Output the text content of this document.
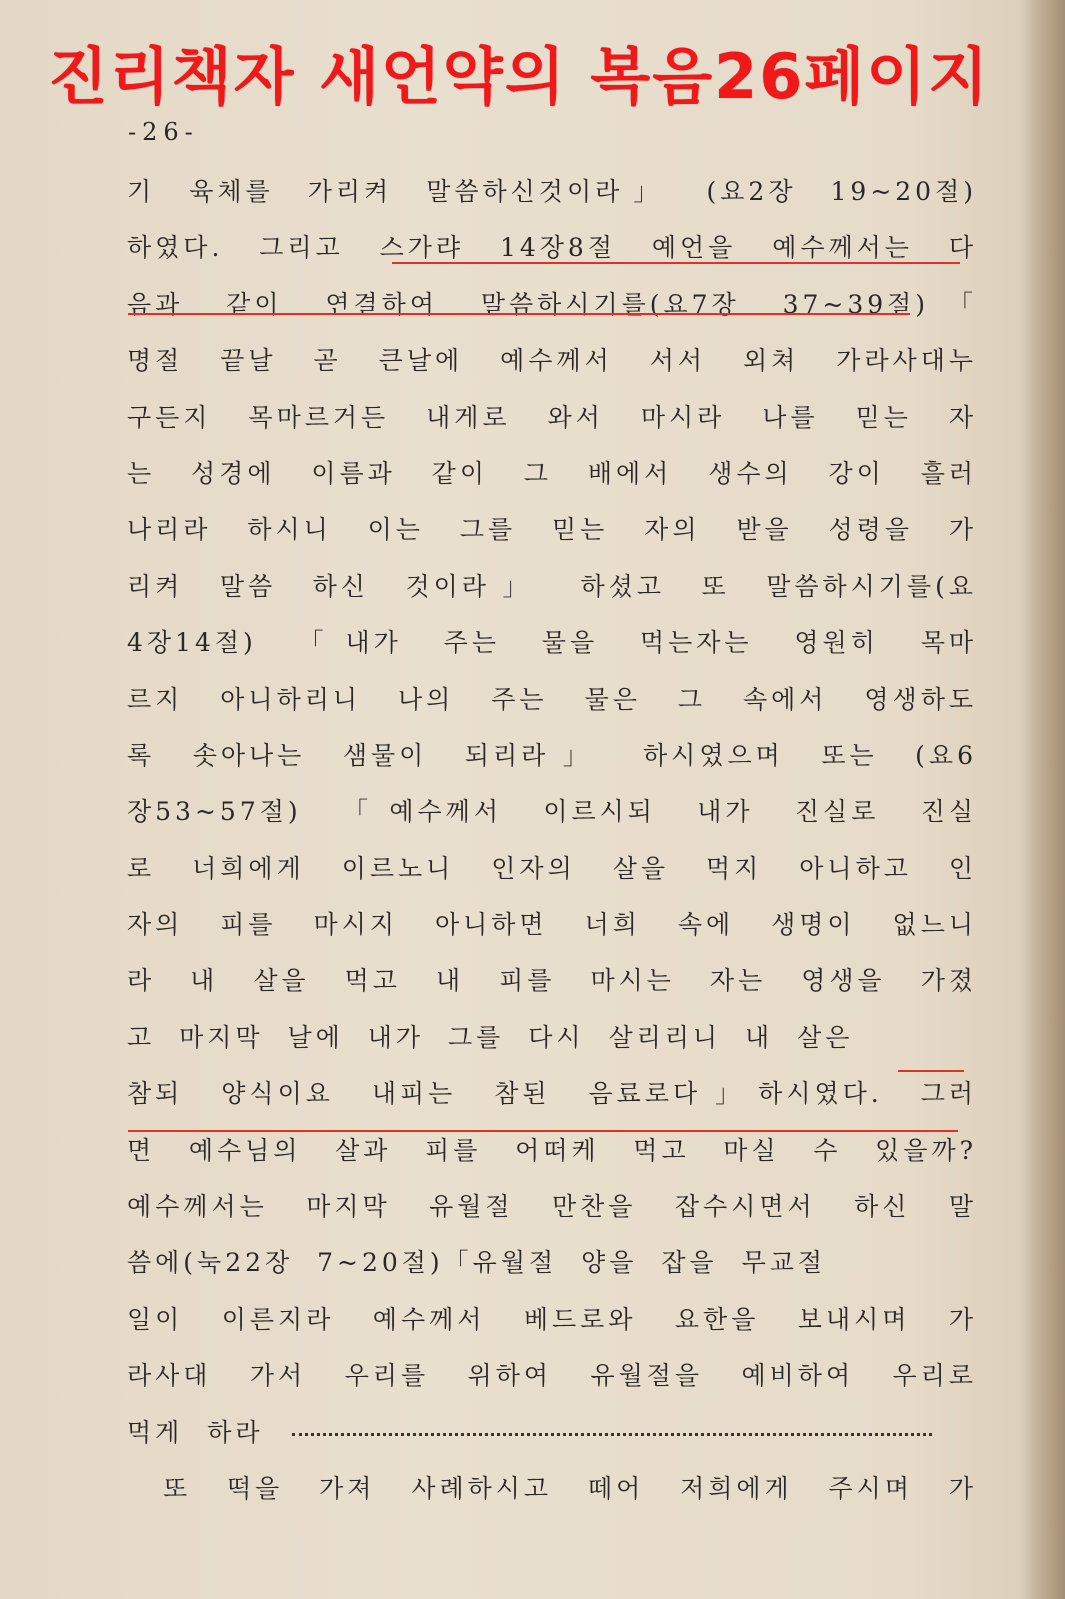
진리책자 새언약의 복음26페이지
-26-
기 육체를 가리켜 말씀하신것이라」 (요2장 19~20절)
하였다. 그리고 스가랴 14장8절 예언을 예수께서는 다
음과 같이 연결하여 말씀하시기를(요7장 37~39절)「
명절 끝날 곧 큰날에 예수께서 서서 외쳐 가라사대누
구든지 목마르거든 내게로 와서 마시라 나를 믿는 자
는 성경에 이름과 같이 그 배에서 생수의 강이 흘러
나리라 하시니 이는 그를 믿는 자의 받을 성령을 가
리켜 말씀 하신 것이라」 하셨고 또 말씀하시기를(요
4장14절) 「내가 주는 물을 먹는자는 영원히 목마
르지 아니하리니 나의 주는 물은 그 속에서 영생하도
록 솟아나는 샘물이 되리라」 하시였으며 또는 (요6
장53~57절) 「예수께서 이르시되 내가 진실로 진실
로 너희에게 이르노니 인자의 살을 먹지 아니하고 인
자의 피를 마시지 아니하면 너희 속에 생명이 없느니
라 내 살을 먹고 내 피를 마시는 자는 영생을 가졌
고 마지막 날에 내가 그를 다시 살리리니 내 살은
참되 양식이요 내피는 참된 음료로다」하시였다. 그러
면 예수님의 살과 피를 어떠케 먹고 마실 수 있을까?
예수께서는 마지막 유월절 만찬을 잡수시면서 하신 말
씀에(눅22장 7~20절)「유월절 양을 잡을 무교절
일이 이른지라 예수께서 베드로와 요한을 보내시며 가
라사대 가서 우리를 위하여 유월절을 예비하여 우리로
먹게 하라
또 떡을 가져 사례하시고 떼어 저희에게 주시며 가
